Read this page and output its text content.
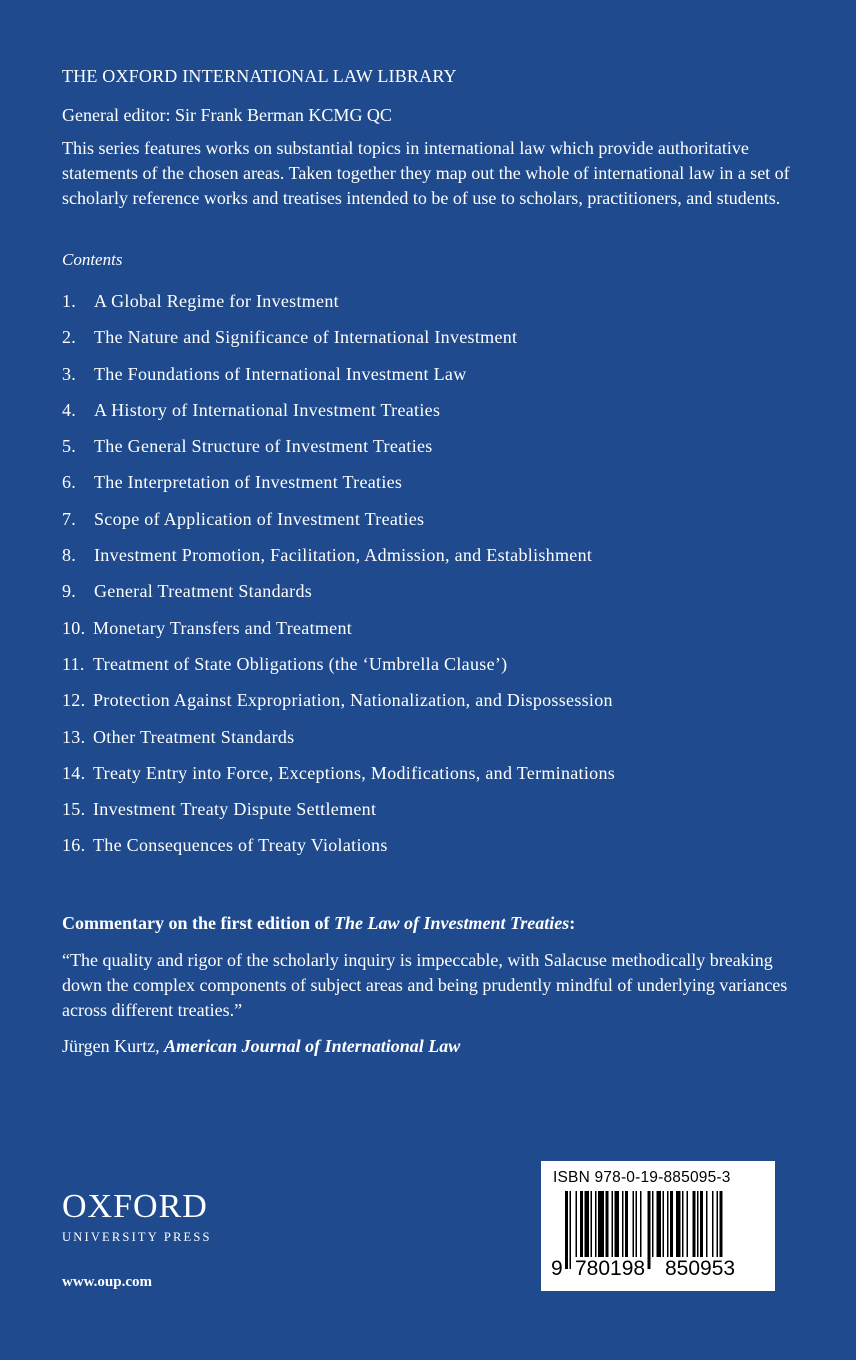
THE OXFORD INTERNATIONAL LAW LIBRARY
General editor: Sir Frank Berman KCMG QC

This series features works on substantial topics in international law which provide authoritative statements of the chosen areas. Taken together they map out the whole of international law in a set of scholarly reference works and treatises intended to be of use to scholars, practitioners, and students.

Contents
1. A Global Regime for Investment
2. The Nature and Significance of International Investment
3. The Foundations of International Investment Law
4. A History of International Investment Treaties
5. The General Structure of Investment Treaties
6. The Interpretation of Investment Treaties
7. Scope of Application of Investment Treaties
8. Investment Promotion, Facilitation, Admission, and Establishment
9. General Treatment Standards
10. Monetary Transfers and Treatment
11. Treatment of State Obligations (the ‘Umbrella Clause’)
12. Protection Against Expropriation, Nationalization, and Dispossession
13. Other Treatment Standards
14. Treaty Entry into Force, Exceptions, Modifications, and Terminations
15. Investment Treaty Dispute Settlement
16. The Consequences of Treaty Violations
Commentary on the first edition of The Law of Investment Treaties:
“The quality and rigor of the scholarly inquiry is impeccable, with Salacuse methodically breaking down the complex components of subject areas and being prudently mindful of underlying variances across different treaties.”
Jürgen Kurtz, American Journal of International Law
OXFORD
UNIVERSITY PRESS
www.oup.com
ISBN 978-0-19-885095-3
9 780198 850953
